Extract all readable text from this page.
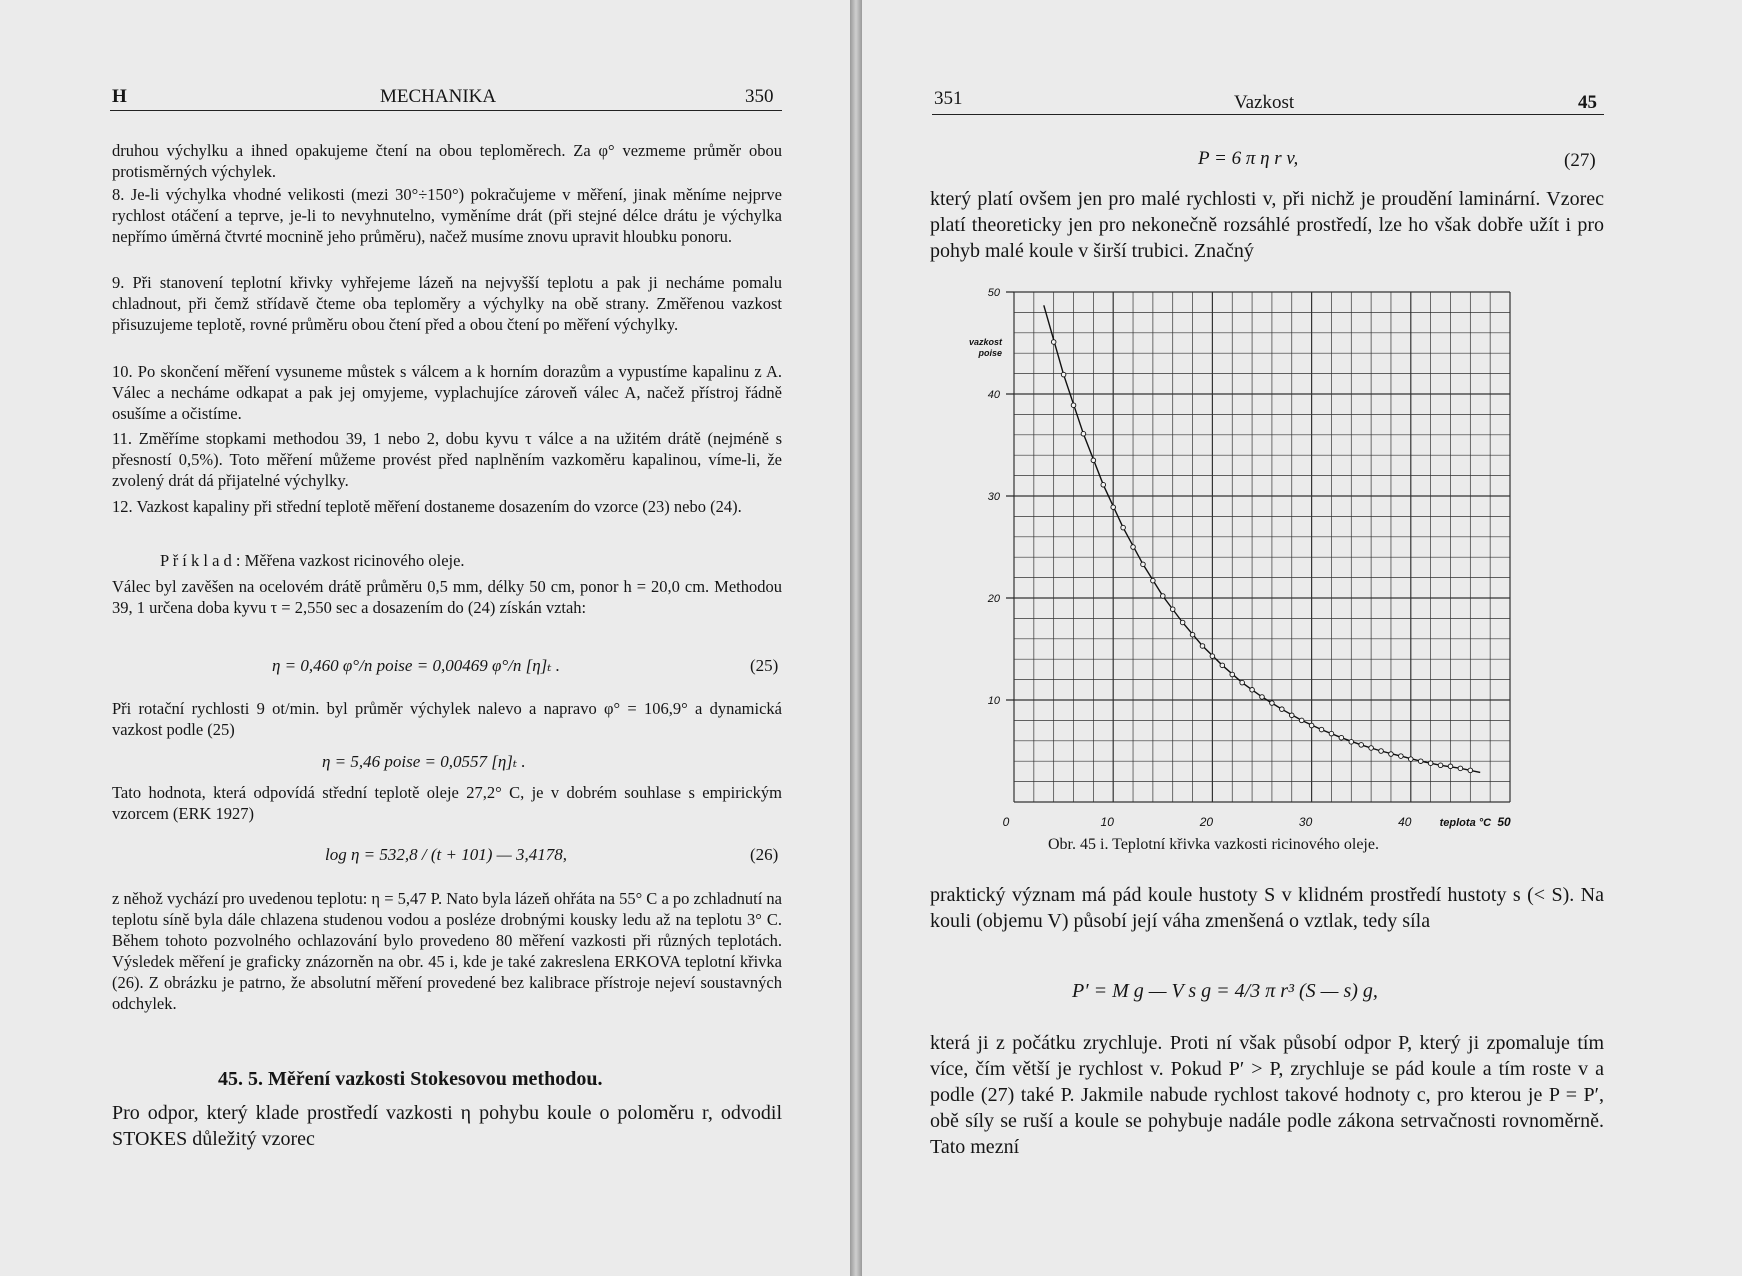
H	MECHANIKA	350

druhou výchylku a ihned opakujeme čtení na obou teploměrech. Za φ° vezmeme průměr obou protisměrných výchylek.

8. Je-li výchylka vhodné velikosti (mezi 30°÷150°) pokračujeme v měření, jinak měníme nejprve rychlost otáčení a teprve, je-li to nevyhnutelno, vyměníme drát (při stejné délce drátu je výchylka nepřímo úměrná čtvrté mocnině jeho průměru), načež musíme znovu upravit hloubku ponoru.

9. Při stanovení teplotní křivky vyhřejeme lázeň na nejvyšší teplotu a pak ji necháme pomalu chladnout, při čemž střídavě čteme oba teploměry a výchylky na obě strany. Změřenou vazkost přisuzujeme teplotě, rovné průměru obou čtení před a obou čtení po měření výchylky.

10. Po skončení měření vysuneme můstek s válcem a k horním dorazům a vypustíme kapalinu z A. Válec a necháme odkapat a pak jej omyjeme, vyplachujíce zároveň válec A, načež přístroj řádně osušíme a očistíme.

11. Změříme stopkami methodou 39, 1 nebo 2, dobu kyvu τ válce a na užitém drátě (nejméně s přesností 0,5%). Toto měření můžeme provést před naplněním vazkoměru kapalinou, víme-li, že zvolený drát dá přijatelné výchylky.

12. Vazkost kapaliny při střední teplotě měření dostaneme dosazením do vzorce (23) nebo (24).

P ř í k l a d : Měřena vazkost ricinového oleje.

Válec byl zavěšen na ocelovém drátě průměru 0,5 mm, délky 50 cm, ponor h = 20,0 cm. Methodou 39, 1 určena doba kyvu τ = 2,550 sec a dosazením do (24) získán vztah:

η = 0,460 φ°/n poise = 0,00469 φ°/n [η]ₜ .	(25)

Při rotační rychlosti 9 ot/min. byl průměr výchylek nalevo a napravo φ° = 106,9° a dynamická vazkost podle (25)

η = 5,46 poise = 0,0557 [η]ₜ .

Tato hodnota, která odpovídá střední teplotě oleje 27,2° C, je v dobrém souhlase s empirickým vzorcem (ERK 1927)

log η = 532,8 / (t + 101) — 3,4178,	(26)

z něhož vychází pro uvedenou teplotu: η = 5,47 P. Nato byla lázeň ohřáta na 55° C a po zchladnutí na teplotu síně byla dále chlazena studenou vodou a posléze drobnými kousky ledu až na teplotu 3° C. Během tohoto pozvolného ochlazování bylo provedeno 80 měření vazkosti při různých teplotách. Výsledek měření je graficky znázorněn na obr. 45 i, kde je také zakreslena ERKOVA teplotní křivka (26). Z obrázku je patrno, že absolutní měření provedené bez kalibrace přístroje nejeví soustavných odchylek.

45. 5. Měření vazkosti Stokesovou methodou.

Pro odpor, který klade prostředí vazkosti η pohybu koule o poloměru r, odvodil STOKES důležitý vzorec

351	Vazkost	45
P = 6 π η r v,	(27)

který platí ovšem jen pro malé rychlosti v, při nichž je proudění laminární. Vzorec platí theoreticky jen pro nekonečně rozsáhlé prostředí, lze ho však dobře užít i pro pohyb malé koule v širší trubici. Značný

10
20
30
40
50
0	10	20	30	40	50
vazkost
poise
teplota °C
Obr. 45 i. Teplotní křivka vazkosti ricinového oleje.

praktický význam má pád koule hustoty S v klidném prostředí hustoty s (< S). Na kouli (objemu V) působí její váha zmenšená o vztlak, tedy síla

P′ = M g — V s g = 4/3 π r³ (S — s) g,

která ji z počátku zrychluje. Proti ní však působí odpor P, který ji zpomaluje tím více, čím větší je rychlost v. Pokud P′ > P, zrychluje se pád koule a tím roste v a podle (27) také P. Jakmile nabude rychlost takové hodnoty c, pro kterou je P = P′, obě síly se ruší a koule se pohybuje nadále podle zákona setrvačnosti rovnoměrně. Tato mezní
